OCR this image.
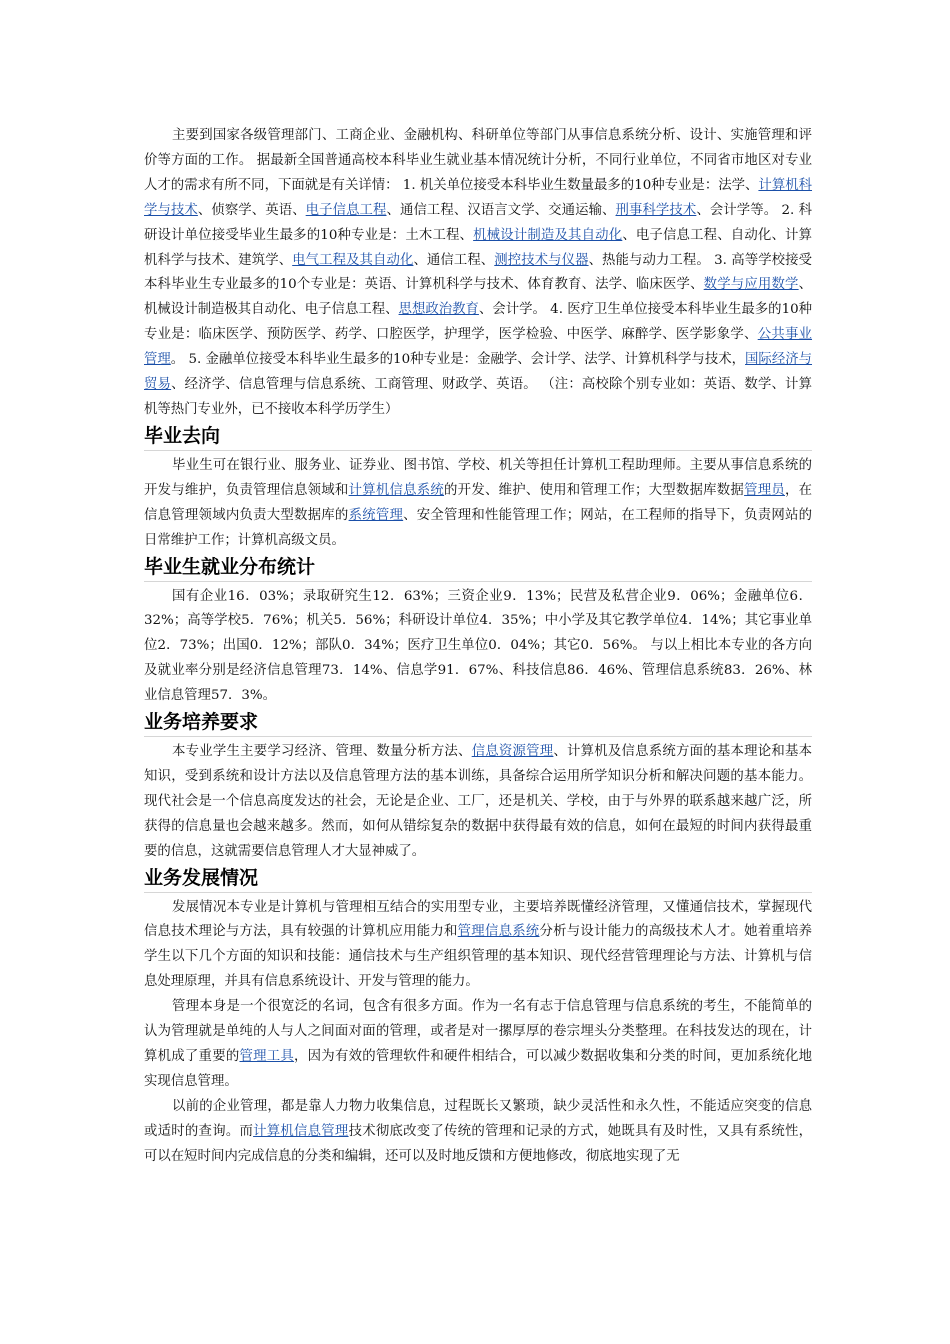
主要到国家各级管理部门、工商企业、金融机构、科研单位等部门从事信息系统分析、设计、实施管理和评价等方面的工作。 据最新全国普通高校本科毕业生就业基本情况统计分析，不同行业单位，不同省市地区对专业人才的需求有所不同，下面就是有关详情： 1. 机关单位接受本科毕业生数量最多的10种专业是：法学、计算机科学与技术、侦察学、英语、电子信息工程、通信工程、汉语言文学、交通运输、刑事科学技术、会计学等。 2. 科研设计单位接受毕业生最多的10种专业是：土木工程、机械设计制造及其自动化、电子信息工程、自动化、计算机科学与技术、建筑学、电气工程及其自动化、通信工程、测控技术与仪器、热能与动力工程。 3. 高等学校接受本科毕业生专业最多的10个专业是：英语、计算机科学与技术、体育教育、法学、临床医学、数学与应用数学、机械设计制造极其自动化、电子信息工程、思想政治教育、会计学。 4. 医疗卫生单位接受本科毕业生最多的10种专业是：临床医学、预防医学、药学、口腔医学，护理学，医学检验、中医学、麻醉学、医学影象学、公共事业管理。 5. 金融单位接受本科毕业生最多的10种专业是：金融学、会计学、法学、计算机科学与技术，国际经济与贸易、经济学、信息管理与信息系统、工商管理、财政学、英语。 （注：高校除个别专业如：英语、数学、计算机等热门专业外，已不接收本科学历学生）

毕业去向

毕业生可在银行业、服务业、证券业、图书馆、学校、机关等担任计算机工程助理师。主要从事信息系统的开发与维护，负责管理信息领域和计算机信息系统的开发、维护、使用和管理工作；大型数据库数据管理员，在信息管理领域内负责大型数据库的系统管理、安全管理和性能管理工作；网站，在工程师的指导下，负责网站的日常维护工作；计算机高级文员。

毕业生就业分布统计

国有企业16．03%；录取研究生12．63%；三资企业9．13%；民营及私营企业9．06%；金融单位6．32%；高等学校5．76%；机关5．56%；科研设计单位4．35%；中小学及其它教学单位4．14%；其它事业单位2．73%；出国0．12%；部队0．34%；医疗卫生单位0．04%；其它0．56%。 与以上相比本专业的各方向及就业率分别是经济信息管理73．14%、信息学91．67%、科技信息86．46%、管理信息系统83．26%、林业信息管理57．3%。

业务培养要求

本专业学生主要学习经济、管理、数量分析方法、信息资源管理、计算机及信息系统方面的基本理论和基本知识，受到系统和设计方法以及信息管理方法的基本训练，具备综合运用所学知识分析和解决问题的基本能力。现代社会是一个信息高度发达的社会，无论是企业、工厂，还是机关、学校，由于与外界的联系越来越广泛，所获得的信息量也会越来越多。然而，如何从错综复杂的数据中获得最有效的信息，如何在最短的时间内获得最重要的信息，这就需要信息管理人才大显神威了。

业务发展情况

发展情况本专业是计算机与管理相互结合的实用型专业，主要培养既懂经济管理，又懂通信技术，掌握现代信息技术理论与方法，具有较强的计算机应用能力和管理信息系统分析与设计能力的高级技术人才。她着重培养学生以下几个方面的知识和技能：通信技术与生产组织管理的基本知识、现代经营管理理论与方法、计算机与信息处理原理，并具有信息系统设计、开发与管理的能力。

管理本身是一个很宽泛的名词，包含有很多方面。作为一名有志于信息管理与信息系统的考生，不能简单的认为管理就是单纯的人与人之间面对面的管理，或者是对一摞厚厚的卷宗埋头分类整理。在科技发达的现在，计算机成了重要的管理工具，因为有效的管理软件和硬件相结合，可以减少数据收集和分类的时间，更加系统化地实现信息管理。

以前的企业管理，都是靠人力物力收集信息，过程既长又繁琐，缺少灵活性和永久性，不能适应突变的信息或适时的查询。而计算机信息管理技术彻底改变了传统的管理和记录的方式，她既具有及时性，又具有系统性，可以在短时间内完成信息的分类和编辑，还可以及时地反馈和方便地修改，彻底地实现了无
